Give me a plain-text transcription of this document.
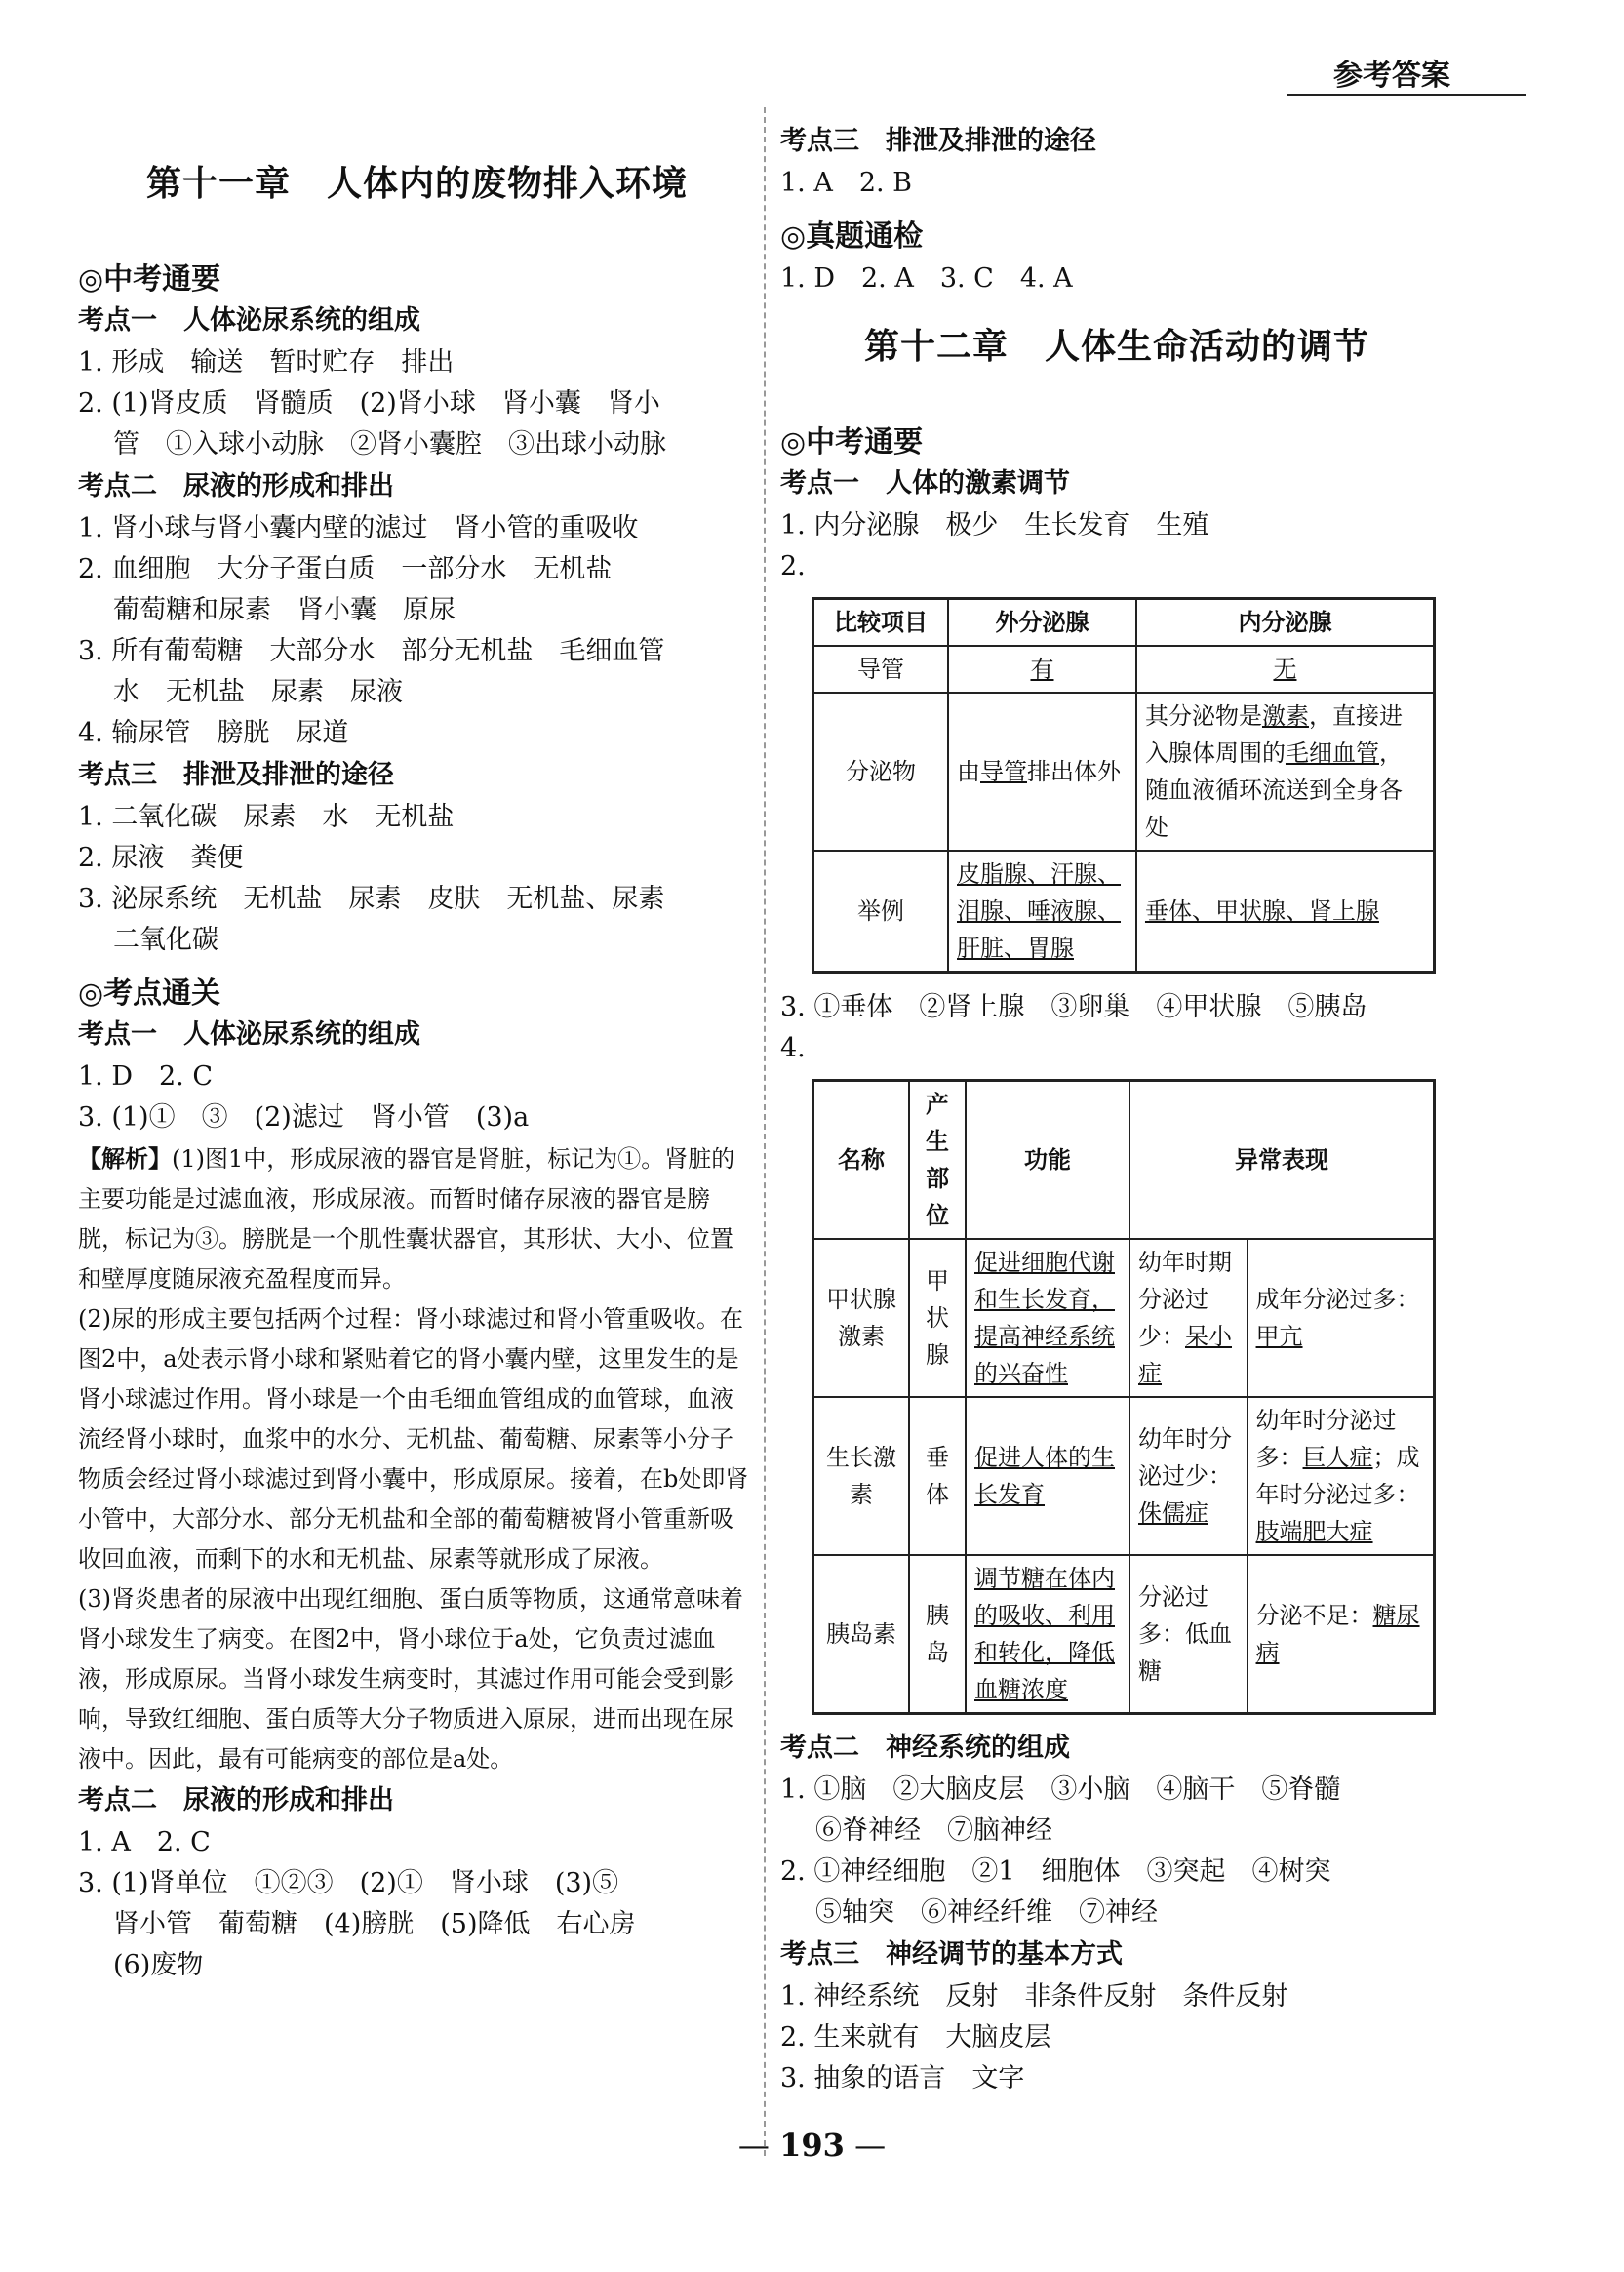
参考答案
第十一章　人体内的废物排入环境
◎中考通要
考点一　人体泌尿系统的组成
1. 形成　输送　暂时贮存　排出
2. (1)肾皮质　肾髓质　(2)肾小球　肾小囊　肾小
管　①入球小动脉　②肾小囊腔　③出球小动脉
考点二　尿液的形成和排出
1. 肾小球与肾小囊内壁的滤过　肾小管的重吸收
2. 血细胞　大分子蛋白质　一部分水　无机盐
葡萄糖和尿素　肾小囊　原尿
3. 所有葡萄糖　大部分水　部分无机盐　毛细血管
水　无机盐　尿素　尿液
4. 输尿管　膀胱　尿道
考点三　排泄及排泄的途径
1. 二氧化碳　尿素　水　无机盐
2. 尿液　粪便
3. 泌尿系统　无机盐　尿素　皮肤　无机盐、尿素
二氧化碳
◎考点通关
考点一　人体泌尿系统的组成
1. D　2. C
3. (1)①　③　(2)滤过　肾小管　(3)a

【解析】(1)图1中，形成尿液的器官是肾脏，标记为①。肾脏的主要功能是过滤血液，形成尿液。而暂时储存尿液的器官是膀胱，标记为③。膀胱是一个肌性囊状器官，其形状、大小、位置和壁厚度随尿液充盈程度而异。

(2)尿的形成主要包括两个过程：肾小球滤过和肾小管重吸收。在图2中，a处表示肾小球和紧贴着它的肾小囊内壁，这里发生的是肾小球滤过作用。肾小球是一个由毛细血管组成的血管球，血液流经肾小球时，血浆中的水分、无机盐、葡萄糖、尿素等小分子物质会经过肾小球滤过到肾小囊中，形成原尿。接着，在b处即肾小管中，大部分水、部分无机盐和全部的葡萄糖被肾小管重新吸收回血液，而剩下的水和无机盐、尿素等就形成了尿液。

(3)肾炎患者的尿液中出现红细胞、蛋白质等物质，这通常意味着肾小球发生了病变。在图2中，肾小球位于a处，它负责过滤血液，形成原尿。当肾小球发生病变时，其滤过作用可能会受到影响，导致红细胞、蛋白质等大分子物质进入原尿，进而出现在尿液中。因此，最有可能病变的部位是a处。

考点二　尿液的形成和排出
1. A　2. C
3. (1)肾单位　①②③　(2)①　肾小球　(3)⑤
肾小管　葡萄糖　(4)膀胱　(5)降低　右心房
(6)废物
考点三　排泄及排泄的途径
1. A　2. B
◎真题通检
1. D　2. A　3. C　4. A
第十二章　人体生命活动的调节
◎中考通要
考点一　人体的激素调节
1. 内分泌腺　极少　生长发育　生殖
2.
比较项目	外分泌腺	内分泌腺
导管	有	无
分泌物	由导管排出体外	其分泌物是激素，直接进入腺体周围的毛细血管，随血液循环流送到全身各处
举例	皮脂腺、汗腺、泪腺、唾液腺、肝脏、胃腺	垂体、甲状腺、肾上腺
3. ①垂体　②肾上腺　③卵巢　④甲状腺　⑤胰岛
4.
名称	产生部位	功能	异常表现	
甲状腺激素	甲状腺	促进细胞代谢和生长发育，提高神经系统的兴奋性	幼年时期分泌过少：呆小症	成年分泌过多：甲亢
生长激素	垂体	促进人体的生长发育	幼年时分泌过少：侏儒症	幼年时分泌过多：巨人症；成年时分泌过多：肢端肥大症
胰岛素	胰岛	调节糖在体内的吸收、利用和转化，降低血糖浓度	分泌过多：低血糖	分泌不足：糖尿病
考点二　神经系统的组成
1. ①脑　②大脑皮层　③小脑　④脑干　⑤脊髓
⑥脊神经　⑦脑神经
2. ①神经细胞　②1　细胞体　③突起　④树突
⑤轴突　⑥神经纤维　⑦神经
考点三　神经调节的基本方式
1. 神经系统　反射　非条件反射　条件反射
2. 生来就有　大脑皮层
3. 抽象的语言　文字
— 193 —
